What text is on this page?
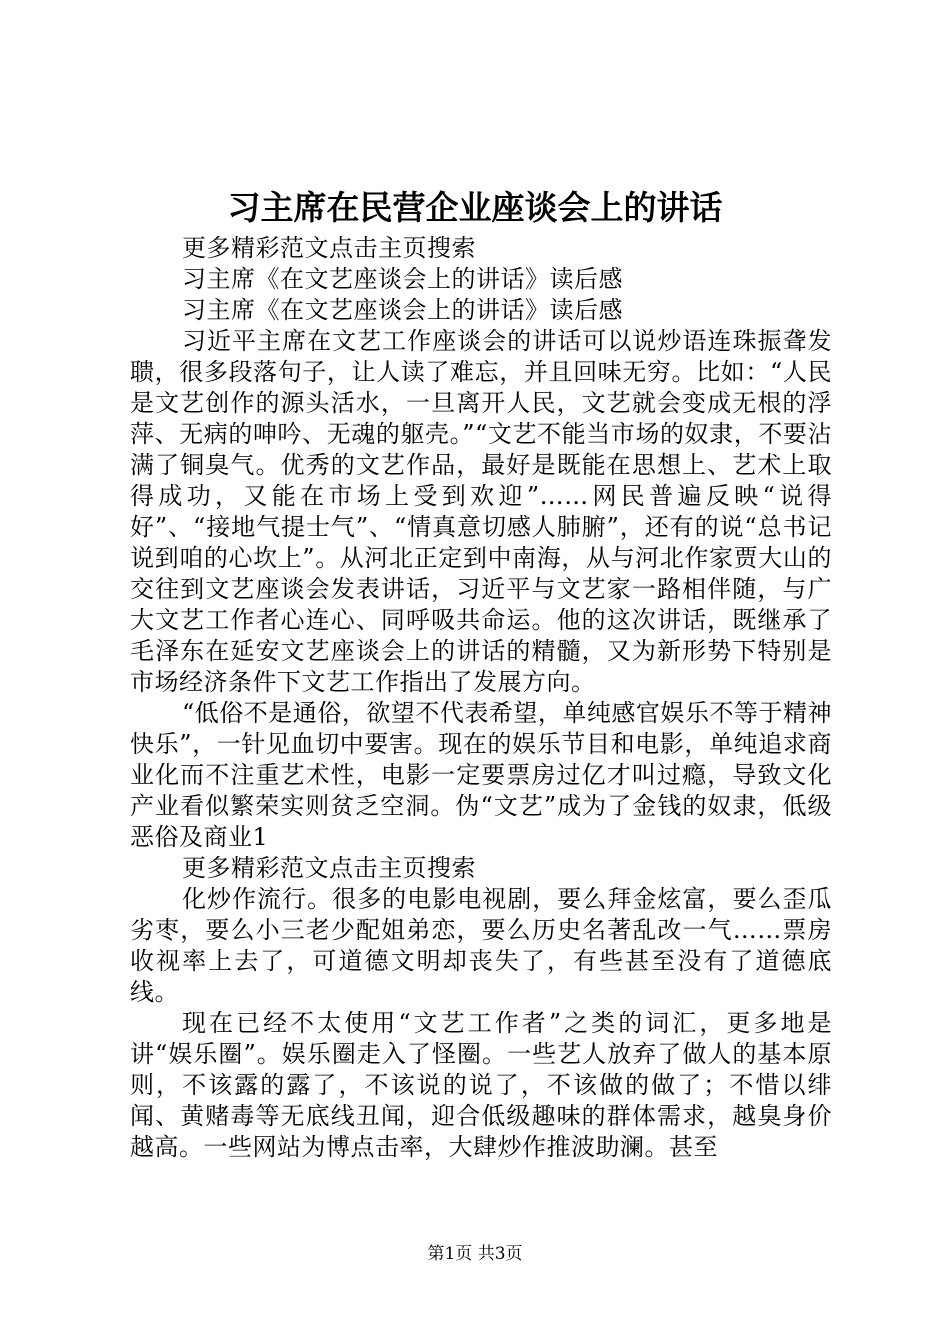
习主席在民营企业座谈会上的讲话

更多精彩范文点击主页搜索

习主席《在文艺座谈会上的讲话》读后感

习主席《在文艺座谈会上的讲话》读后感

习近平主席在文艺工作座谈会的讲话可以说炒语连珠振聋发聩，很多段落句子，让人读了难忘，并且回味无穷。比如：“人民是文艺创作的源头活水，一旦离开人民，文艺就会变成无根的浮萍、无病的呻吟、无魂的躯壳。”“文艺不能当市场的奴隶，不要沾满了铜臭气。优秀的文艺作品，最好是既能在思想上、艺术上取得成功，又能在市场上受到欢迎”……网民普遍反映“说得好”、“接地气提士气”、“情真意切感人肺腑”，还有的说“总书记说到咱的心坎上”。从河北正定到中南海，从与河北作家贾大山的交往到文艺座谈会发表讲话，习近平与文艺家一路相伴随，与广大文艺工作者心连心、同呼吸共命运。他的这次讲话，既继承了毛泽东在延安文艺座谈会上的讲话的精髓，又为新形势下特别是市场经济条件下文艺工作指出了发展方向。

“低俗不是通俗，欲望不代表希望，单纯感官娱乐不等于精神快乐”，一针见血切中要害。现在的娱乐节目和电影，单纯追求商业化而不注重艺术性，电影一定要票房过亿才叫过瘾，导致文化产业看似繁荣实则贫乏空洞。伪“文艺”成为了金钱的奴隶，低级恶俗及商业1

更多精彩范文点击主页搜索

化炒作流行。很多的电影电视剧，要么拜金炫富，要么歪瓜劣枣，要么小三老少配姐弟恋，要么历史名著乱改一气……票房收视率上去了，可道德文明却丧失了，有些甚至没有了道德底线。

现在已经不太使用“文艺工作者”之类的词汇，更多地是讲“娱乐圈”。娱乐圈走入了怪圈。一些艺人放弃了做人的基本原则，不该露的露了，不该说的说了，不该做的做了；不惜以绯闻、黄赌毒等无底线丑闻，迎合低级趣味的群体需求，越臭身价越高。一些网站为博点击率，大肆炒作推波助澜。甚至

第1页 共3页
